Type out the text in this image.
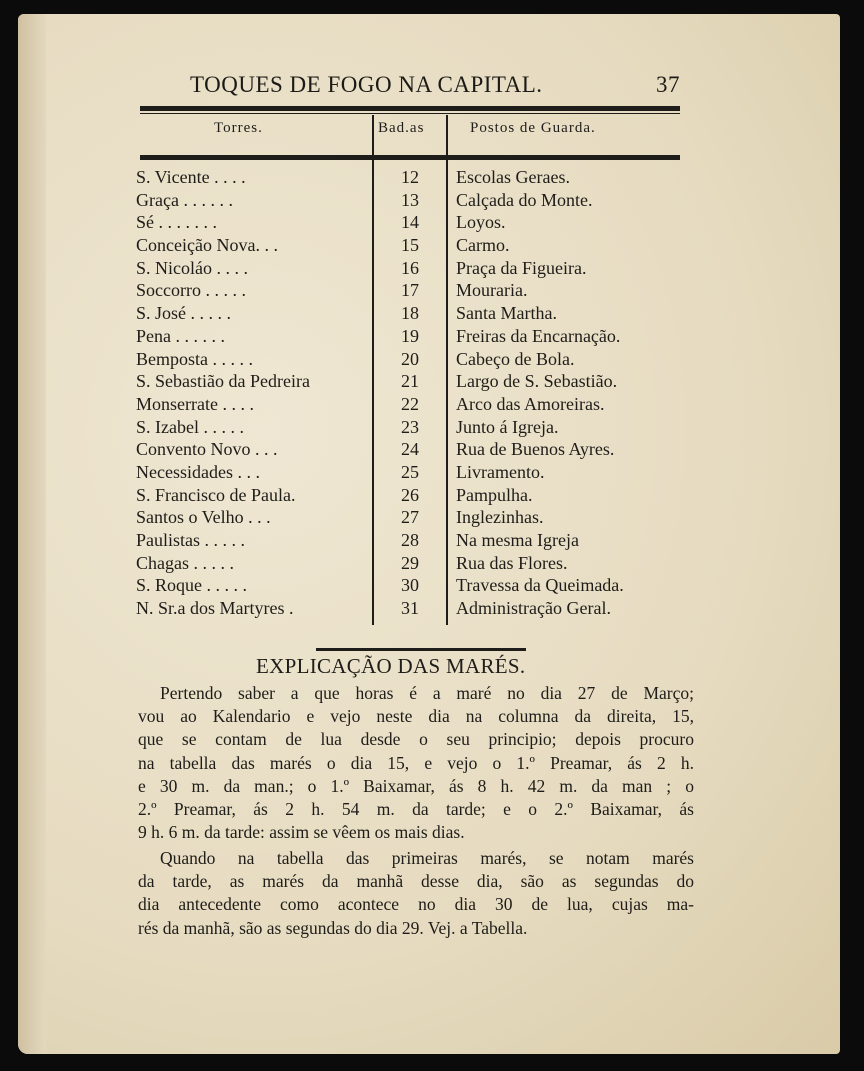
TOQUES DE FOGO NA CAPITAL.	37
Torres.	Bad.as	Postos de Guarda.
S. Vicente . . . .	12	Escolas Geraes.
Graça . . . . . .	13	Calçada do Monte.
Sé . . . . . . .	14	Loyos.
Conceição Nova. . .	15	Carmo.
S. Nicoláo . . . .	16	Praça da Figueira.
Soccorro . . . . .	17	Mouraria.
S. José . . . . .	18	Santa Martha.
Pena . . . . . .	19	Freiras da Encarnação.
Bemposta . . . . .	20	Cabeço de Bola.
S. Sebastião da Pedreira	21	Largo de S. Sebastião.
Monserrate . . . .	22	Arco das Amoreiras.
S. Izabel . . . . .	23	Junto á Igreja.
Convento Novo . . .	24	Rua de Buenos Ayres.
Necessidades . . .	25	Livramento.
S. Francisco de Paula.	26	Pampulha.
Santos o Velho . . .	27	Inglezinhas.
Paulistas . . . . .	28	Na mesma Igreja
Chagas . . . . .	29	Rua das Flores.
S. Roque . . . . .	30	Travessa da Queimada.
N. Sr.a dos Martyres .	31	Administração Geral.
EXPLICAÇÃO DAS MARÉS.
Pertendo saber a que horas é a maré no dia 27 de Março;
vou ao Kalendario e vejo neste dia na columna da direita, 15,
que se contam de lua desde o seu principio; depois procuro
na tabella das marés o dia 15, e vejo o 1.º Preamar, ás 2 h.
e 30 m. da man.; o 1.º Baixamar, ás 8 h. 42 m. da man ; o
2.º Preamar, ás 2 h. 54 m. da tarde; e o 2.º Baixamar, ás
9 h. 6 m. da tarde: assim se vêem os mais dias.
Quando na tabella das primeiras marés, se notam marés
da tarde, as marés da manhã desse dia, são as segundas do
dia antecedente como acontece no dia 30 de lua, cujas ma-
rés da manhã, são as segundas do dia 29. Vej. a Tabella.
